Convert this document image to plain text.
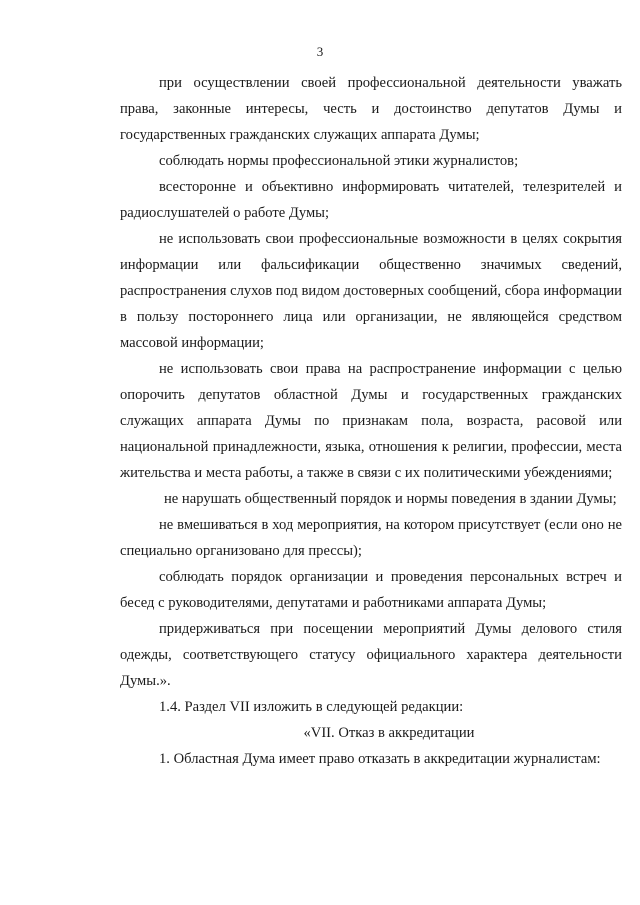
3

при осуществлении своей профессиональной деятельности уважать права, законные интересы, честь и достоинство депутатов Думы и государственных гражданских служащих аппарата Думы;

соблюдать нормы профессиональной этики журналистов;

всесторонне и объективно информировать читателей, телезрителей и радиослушателей о работе Думы;

не использовать свои профессиональные возможности в целях сокрытия информации или фальсификации общественно значимых сведений, распространения слухов под видом достоверных сообщений, сбора информации в пользу постороннего лица или организации, не являющейся средством массовой информации;

не использовать свои права на распространение информации с целью опорочить депутатов областной Думы и государственных гражданских служащих аппарата Думы по признакам пола, возраста, расовой или национальной принадлежности, языка, отношения к религии, профессии, места жительства и места работы, а также в связи с их политическими убеждениями;

не нарушать общественный порядок и нормы поведения в здании Думы;

не вмешиваться в ход мероприятия, на котором присутствует (если оно не специально организовано для прессы);

соблюдать порядок организации и проведения персональных встреч и бесед с руководителями, депутатами и работниками аппарата Думы;

придерживаться при посещении мероприятий Думы делового стиля одежды, соответствующего статусу официального характера деятельности Думы.».

1.4. Раздел VII изложить в следующей редакции:

«VII. Отказ в аккредитации

1. Областная Дума имеет право отказать в аккредитации журналистам:
